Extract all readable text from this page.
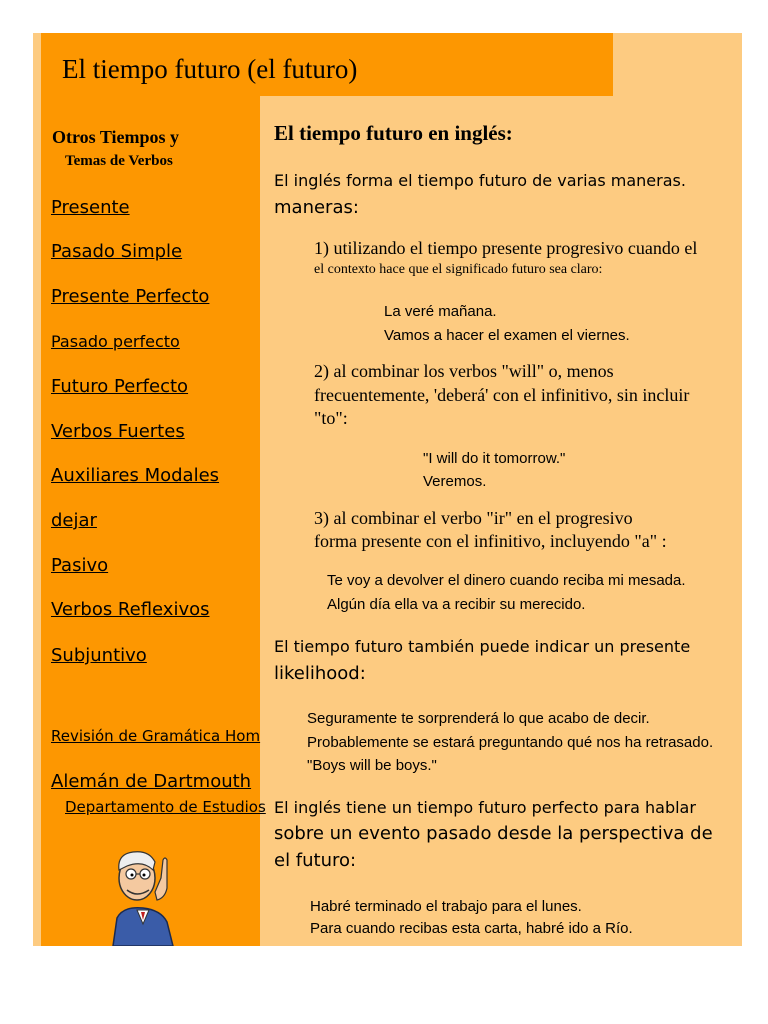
El tiempo futuro (el futuro)
Otros Tiempos y
Temas de Verbos
Presente
Pasado Simple
Presente Perfecto
Pasado perfecto
Futuro Perfecto
Verbos Fuertes
Auxiliares Modales
dejar
Pasivo
Verbos Reflexivos
Subjuntivo
Revisión de Gramática Hom
Alemán de Dartmouth
Departamento de Estudios
El tiempo futuro en inglés:

El inglés forma el tiempo futuro de varias maneras.

maneras:

1) utilizando el tiempo presente progresivo cuando el

el contexto hace que el significado futuro sea claro:

La veré mañana.

Vamos a hacer el examen el viernes.

2) al combinar los verbos "will" o, menos

frecuentemente, 'deberá' con el infinitivo, sin incluir

"to":

"I will do it tomorrow."

Veremos.

3) al combinar el verbo "ir" en el progresivo

forma presente con el infinitivo, incluyendo "a" :

Te voy a devolver el dinero cuando reciba mi mesada.

Algún día ella va a recibir su merecido.

El tiempo futuro también puede indicar un presente

likelihood:

Seguramente te sorprenderá lo que acabo de decir.

Probablemente se estará preguntando qué nos ha retrasado.

"Boys will be boys."

El inglés tiene un tiempo futuro perfecto para hablar

sobre un evento pasado desde la perspectiva de

el futuro:

Habré terminado el trabajo para el lunes.

Para cuando recibas esta carta, habré ido a Río.
